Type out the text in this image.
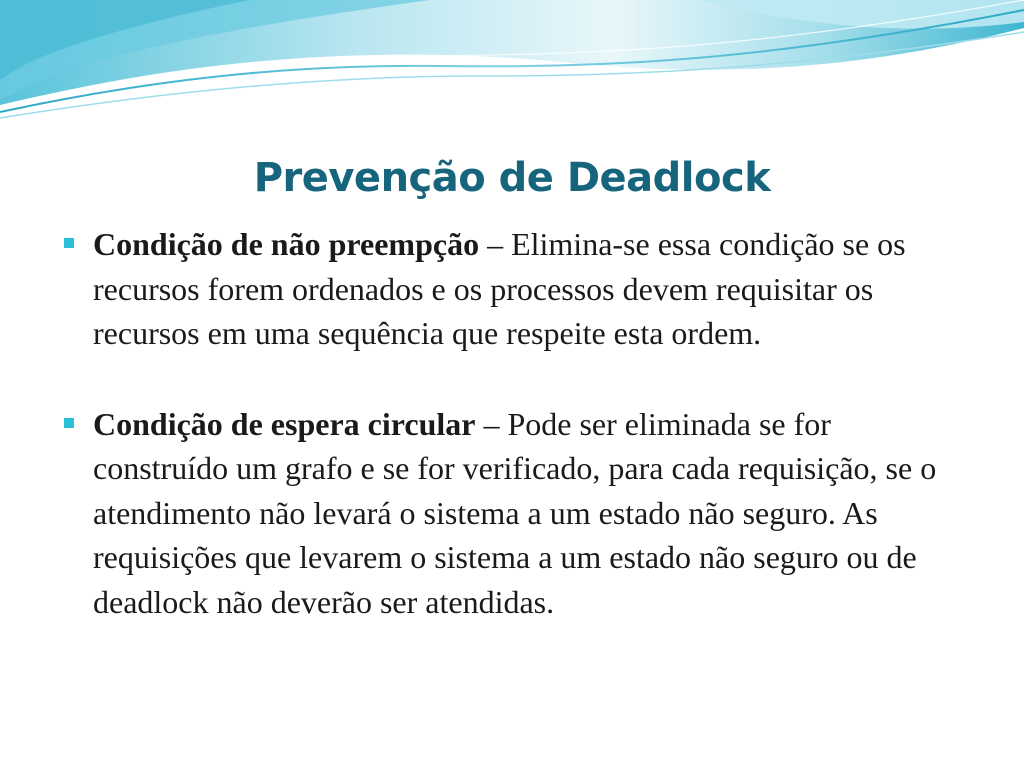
Prevenção de Deadlock
Condição de não preempção – Elimina-se essa condição se os recursos forem ordenados e os processos devem requisitar os recursos em uma sequência que respeite esta ordem.
Condição de espera circular – Pode ser eliminada se for construído um grafo e se for verificado, para cada requisição, se o atendimento não levará o sistema a um estado não seguro. As requisições que levarem o sistema a um estado não seguro ou de deadlock não deverão ser atendidas.
